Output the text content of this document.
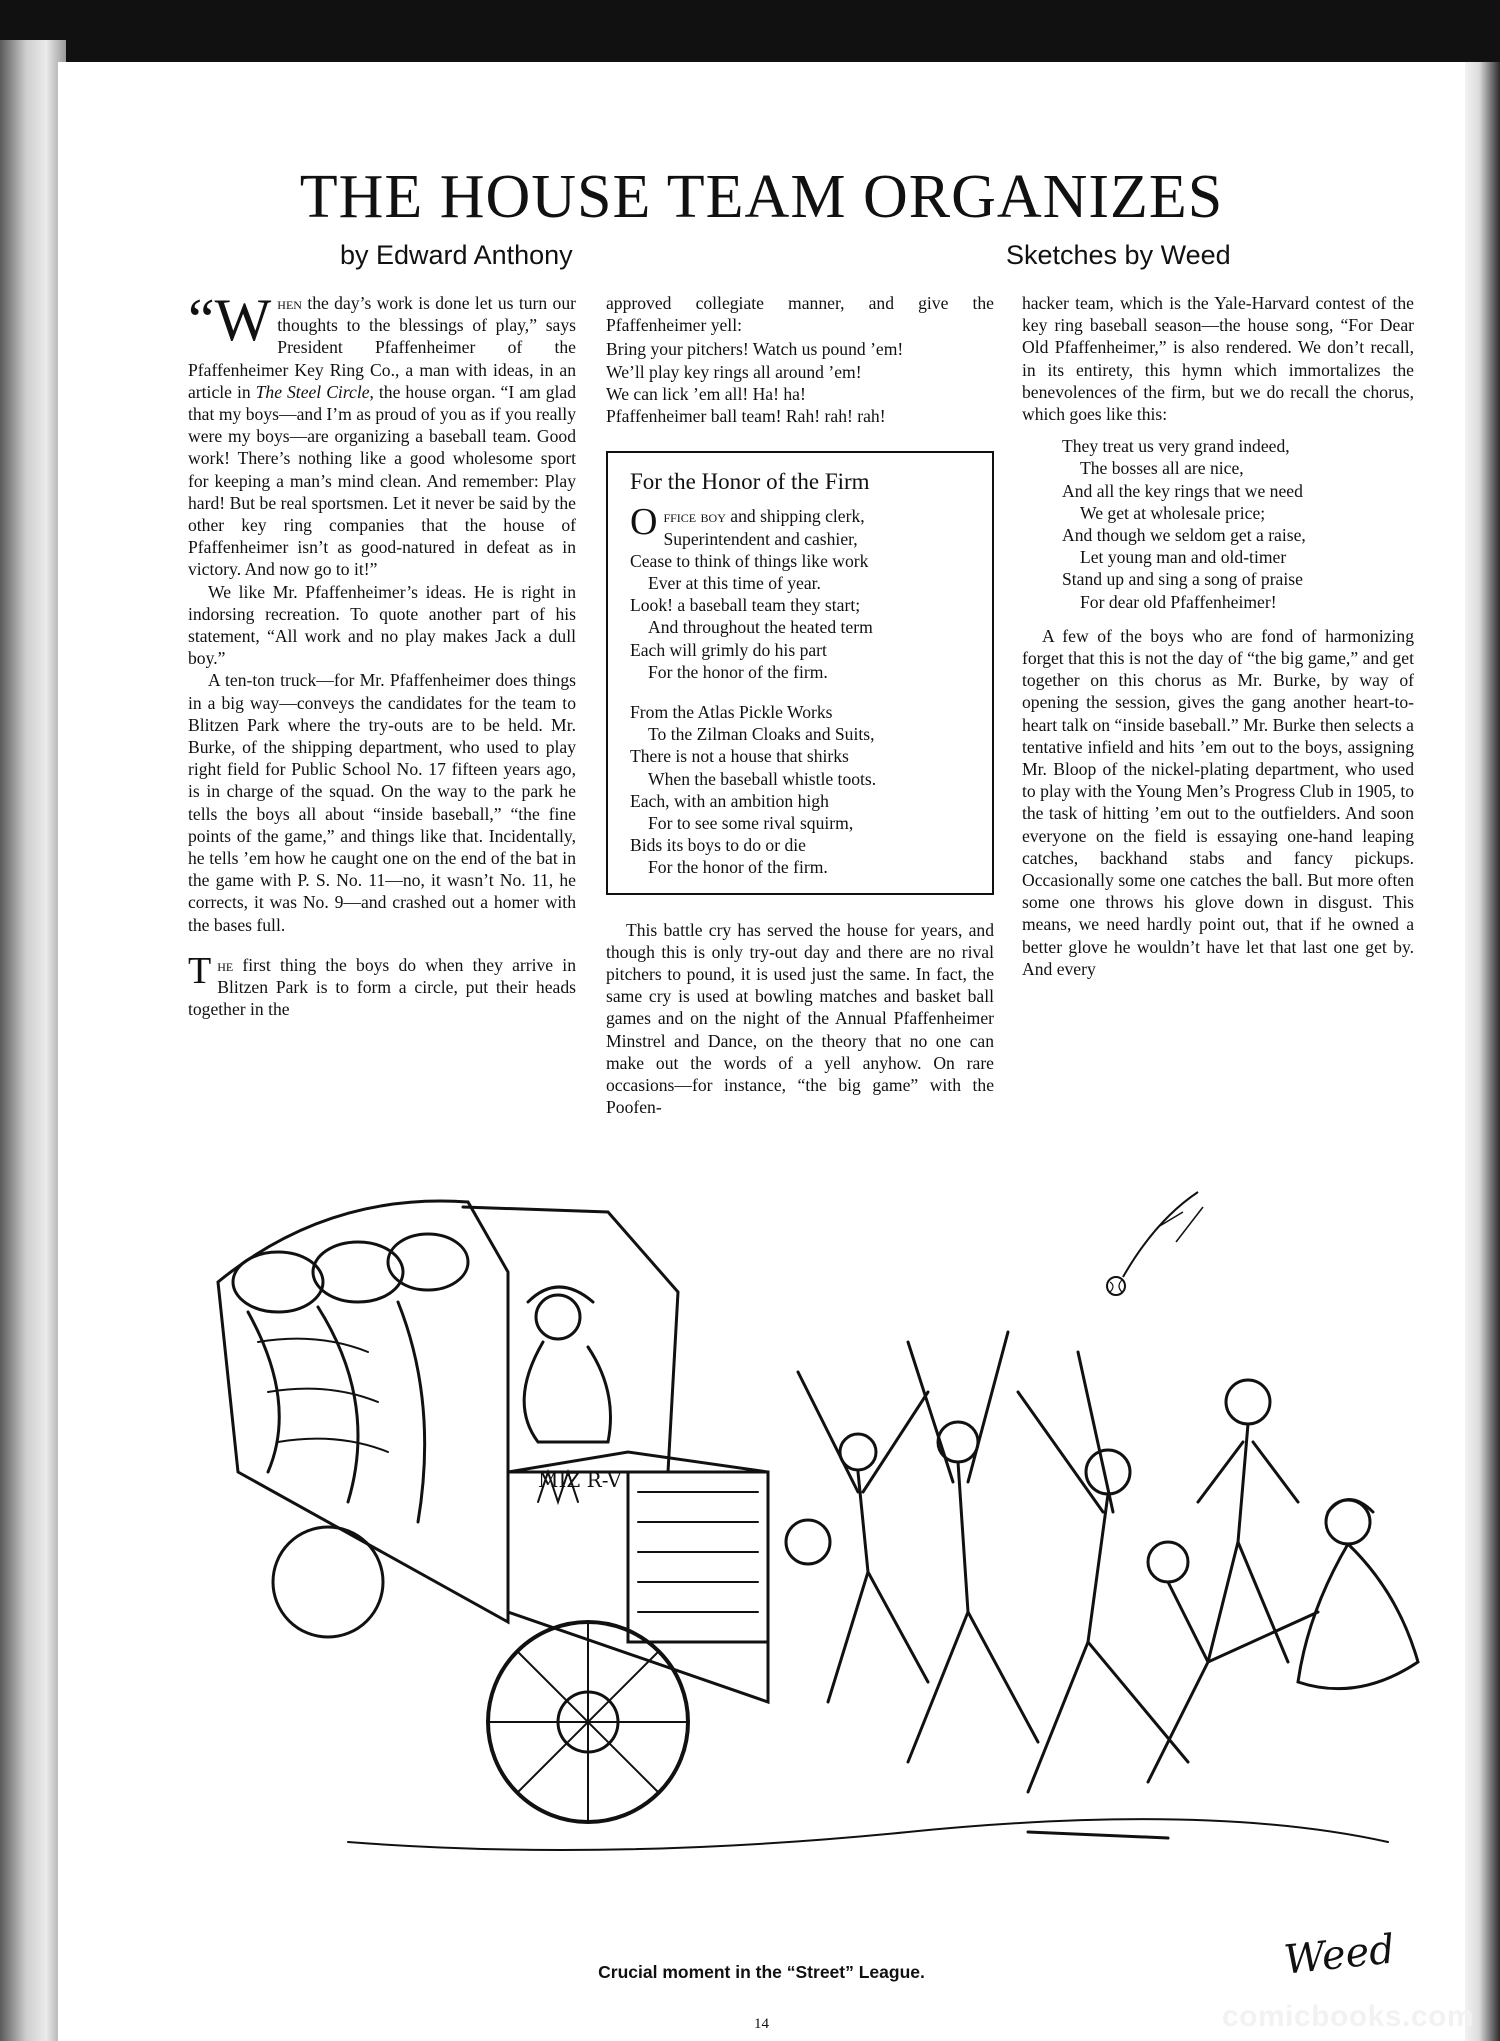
THE HOUSE TEAM ORGANIZES
by Edward Anthony	Sketches by Weed

“W hen the day’s work is done let us turn our thoughts to the blessings of play,” says President Pfaffenheimer of the Pfaffenheimer Key Ring Co., a man with ideas, in an article in The Steel Circle, the house organ. “I am glad that my boys—and I’m as proud of you as if you really were my boys—are organizing a baseball team. Good work! There’s nothing like a good wholesome sport for keeping a man’s mind clean. And remember: Play hard! But be real sportsmen. Let it never be said by the other key ring companies that the house of Pfaffenheimer isn’t as good-natured in defeat as in victory. And now go to it!”

We like Mr. Pfaffenheimer’s ideas. He is right in indorsing recreation. To quote another part of his statement, “All work and no play makes Jack a dull boy.”

A ten-ton truck—for Mr. Pfaffenheimer does things in a big way—conveys the candidates for the team to Blitzen Park where the try-outs are to be held. Mr. Burke, of the shipping department, who used to play right field for Public School No. 17 fifteen years ago, is in charge of the squad. On the way to the park he tells the boys all about “inside baseball,” “the fine points of the game,” and things like that. Incidentally, he tells ’em how he caught one on the end of the bat in the game with P. S. No. 11—no, it wasn’t No. 11, he corrects, it was No. 9—and crashed out a homer with the bases full.

The first thing the boys do when they arrive in Blitzen Park is to form a circle, put their heads together in the

approved collegiate manner, and give the Pfaffenheimer yell:

Bring your pitchers! Watch us pound ’em!
We’ll play key rings all around ’em!
We can lick ’em all! Ha! ha!
Pfaffenheimer ball team! Rah! rah! rah!
For the Honor of the Firm
Office boy and shipping clerk,
Superintendent and cashier,
Cease to think of things like work
Ever at this time of year.
Look! a baseball team they start;
And throughout the heated term
Each will grimly do his part
For the honor of the firm.
From the Atlas Pickle Works
To the Zilman Cloaks and Suits,
There is not a house that shirks
When the baseball whistle toots.
Each, with an ambition high
For to see some rival squirm,
Bids its boys to do or die
For the honor of the firm.

This battle cry has served the house for years, and though this is only try-out day and there are no rival pitchers to pound, it is used just the same. In fact, the same cry is used at bowling matches and basket ball games and on the night of the Annual Pfaffenheimer Minstrel and Dance, on the theory that no one can make out the words of a yell anyhow. On rare occasions—for instance, “the big game” with the Poofen-

hacker team, which is the Yale-Harvard contest of the key ring baseball season—the house song, “For Dear Old Pfaffenheimer,” is also rendered. We don’t recall, in its entirety, this hymn which immortalizes the benevolences of the firm, but we do recall the chorus, which goes like this:

They treat us very grand indeed,
The bosses all are nice,
And all the key rings that we need
We get at wholesale price;
And though we seldom get a raise,
Let young man and old-timer
Stand up and sing a song of praise
For dear old Pfaffenheimer!

A few of the boys who are fond of harmonizing forget that this is not the day of “the big game,” and get together on this chorus as Mr. Burke, by way of opening the session, gives the gang another heart-to-heart talk on “inside baseball.” Mr. Burke then selects a tentative infield and hits ’em out to the boys, assigning Mr. Bloop of the nickel-plating department, who used to play with the Young Men’s Progress Club in 1905, to the task of hitting ’em out to the outfielders. And soon everyone on the field is essaying one-hand leaping catches, backhand stabs and fancy pickups. Occasionally some one catches the ball. But more often some one throws his glove down in disgust. This means, we need hardly point out, that if he owned a better glove he wouldn’t have let that last one get by. And every

MIZ R-V

Crucial moment in the “Street” League.	Weed

14	comicbooks.com
